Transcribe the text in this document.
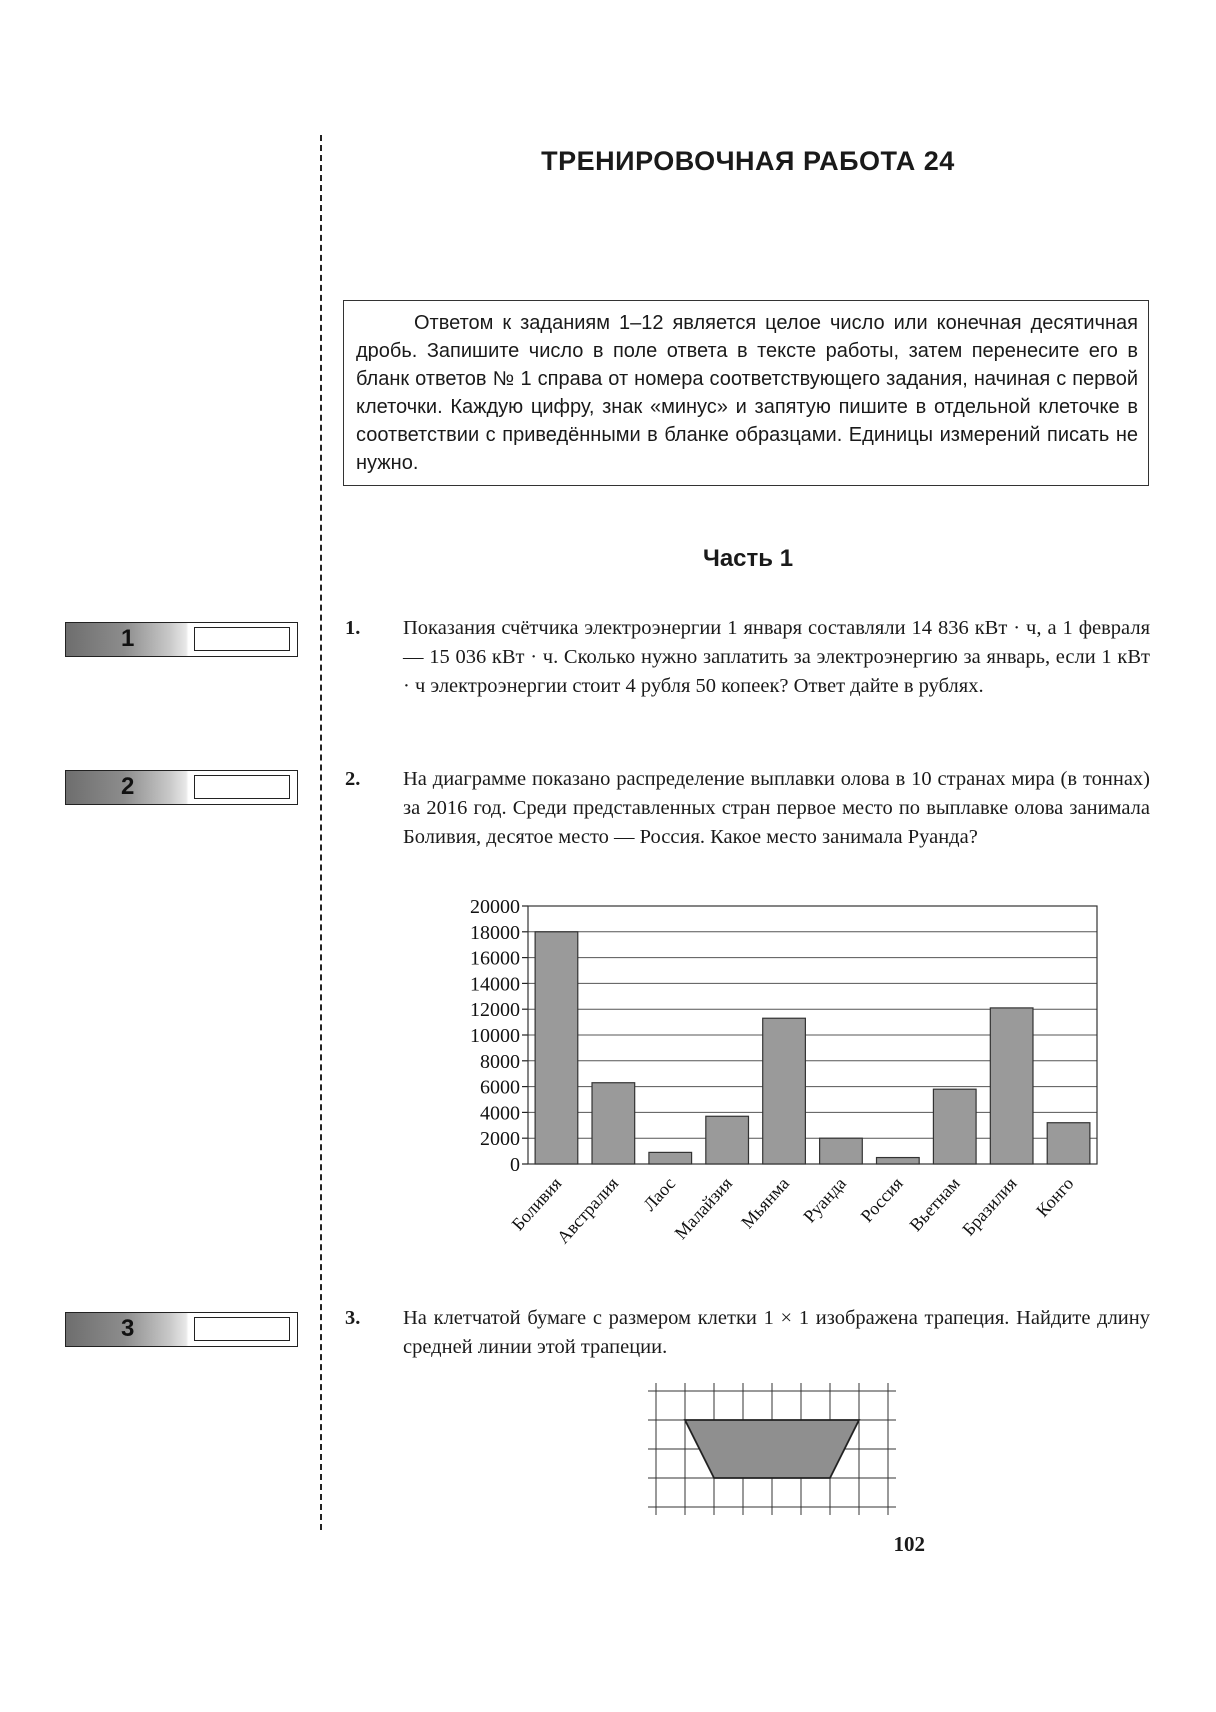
ТРЕНИРОВОЧНАЯ РАБОТА 24

Ответом к заданиям 1–12 является целое число или конечная десятичная дробь. Запишите число в поле ответа в тексте работы, затем перенесите его в бланк ответов № 1 справа от номера соответствующего задания, начиная с первой клеточки. Каждую цифру, знак «минус» и запятую пишите в отдельной клеточке в соответствии с приведёнными в бланке образцами. Единицы измерений писать не нужно.

Часть 1
1
2
3
1. Показания счётчика электроэнергии 1 января составляли 14 836 кВт · ч, а 1 февраля — 15 036 кВт · ч. Сколько нужно заплатить за электроэнергию за январь, если 1 кВт · ч электроэнергии стоит 4 рубля 50 копеек? Ответ дайте в рублях.
2. На диаграмме показано распределение выплавки олова в 10 странах мира (в тоннах) за 2016 год. Среди представленных стран первое место по выплавке олова занимала Боливия, десятое место — Россия. Какое место занимала Руанда?
0
2000
4000
6000
8000
10000
12000
14000
16000
18000
20000
Боливия
Австралия Лаос
Малайзия Мьянма Руанда Россия
Вьетнам
Бразилия Конго
3. На клетчатой бумаге с размером клетки 1 × 1 изображена трапеция. Найдите длину средней линии этой трапеции.
102
